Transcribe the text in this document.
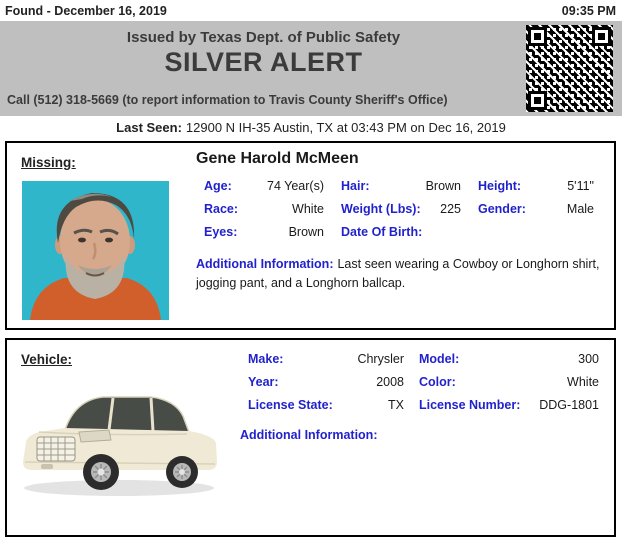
Found - December 16, 2019	09:35 PM
Issued by Texas Dept. of Public Safety
SILVER ALERT
Call (512) 318-5669 (to report information to Travis County Sheriff's Office)
Last Seen: 12900 N IH-35 Austin, TX at 03:43 PM on Dec 16, 2019
Missing:	Gene Harold McMeen
Age:	74 Year(s) Hair:	Brown Height:	5'11"
Race:	White Weight (Lbs): 225 Gender:	Male
Eyes:	Brown Date Of Birth:
Additional Information: Last seen wearing a Cowboy or Longhorn shirt, jogging pant, and a Longhorn ballcap.
Vehicle:	Make:	Chrysler Model:	300
Year:	2008 Color:	White
License State:	TX License Number: DDG-1801
Additional Information:
